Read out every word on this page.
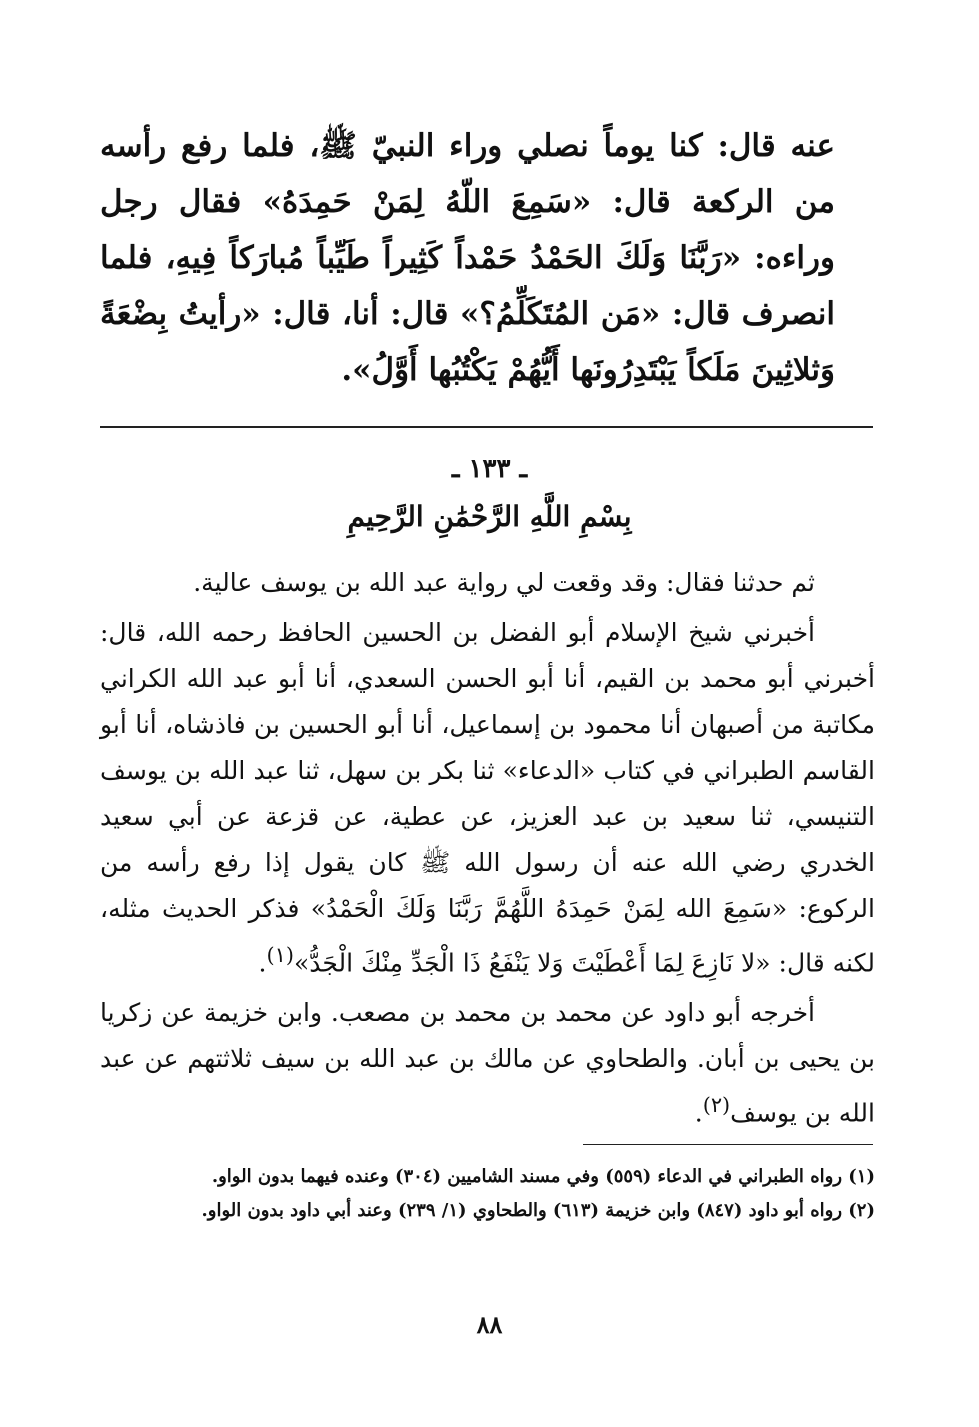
عنه قال: كنا يوماً نصلي وراء النبيّ ﷺ، فلما رفع رأسه من الركعة قال: «سَمِعَ اللّهُ لِمَنْ حَمِدَهُ» فقال رجل وراءه: «رَبَّنَا وَلَكَ الحَمْدُ حَمْداً كَثِيراً طَيِّباً مُبارَكاً فِيهِ، فلما انصرف قال: «مَن المُتَكَلِّمُ؟» قال: أنا، قال: «رأيتُ بِضْعَةً وَثلاثِينَ مَلَكاً يَبْتَدِرُونَها أَيُّهُمْ يَكْتُبُها أَوَّلُ».

ـ ١٣٣ ـ
بِسْمِ اللَّهِ الرَّحْمَٰنِ الرَّحِيمِ

ثم حدثنا فقال: وقد وقعت لي رواية عبد الله بن يوسف عالية.

أخبرني شيخ الإسلام أبو الفضل بن الحسين الحافظ رحمه الله، قال: أخبرني أبو محمد بن القيم، أنا أبو الحسن السعدي، أنا أبو عبد الله الكراني مكاتبة من أصبهان أنا محمود بن إسماعيل، أنا أبو الحسين بن فاذشاه، أنا أبو القاسم الطبراني في كتاب «الدعاء» ثنا بكر بن سهل، ثنا عبد الله بن يوسف التنيسي، ثنا سعيد بن عبد العزيز، عن عطية، عن قزعة عن أبي سعيد الخدري رضي الله عنه أن رسول الله ﷺ كان يقول إذا رفع رأسه من الركوع: «سَمِعَ الله لِمَنْ حَمِدَهُ اللَّهُمَّ رَبَّنَا وَلَكَ الْحَمْدُ» فذكر الحديث مثله، لكنه قال: «لا نَازِعَ لِمَا أَعْطَيْتَ وَلا يَنْفَعُ ذَا الْجَدِّ مِنْكَ الْجَدُّ»$^{(١)}$.

أخرجه أبو داود عن محمد بن محمد بن مصعب. وابن خزيمة عن زكريا بن يحيى بن أبان. والطحاوي عن مالك بن عبد الله بن سيف ثلاثتهم عن عبد الله بن يوسف$^{(٢)}$.

(١) رواه الطبراني في الدعاء (٥٥٩) وفي مسند الشاميين (٣٠٤) وعنده فيهما بدون الواو.

(٢) رواه أبو داود (٨٤٧) وابن خزيمة (٦١٣) والطحاوي (١/ ٢٣٩) وعند أبي داود بدون الواو.

٨٨
